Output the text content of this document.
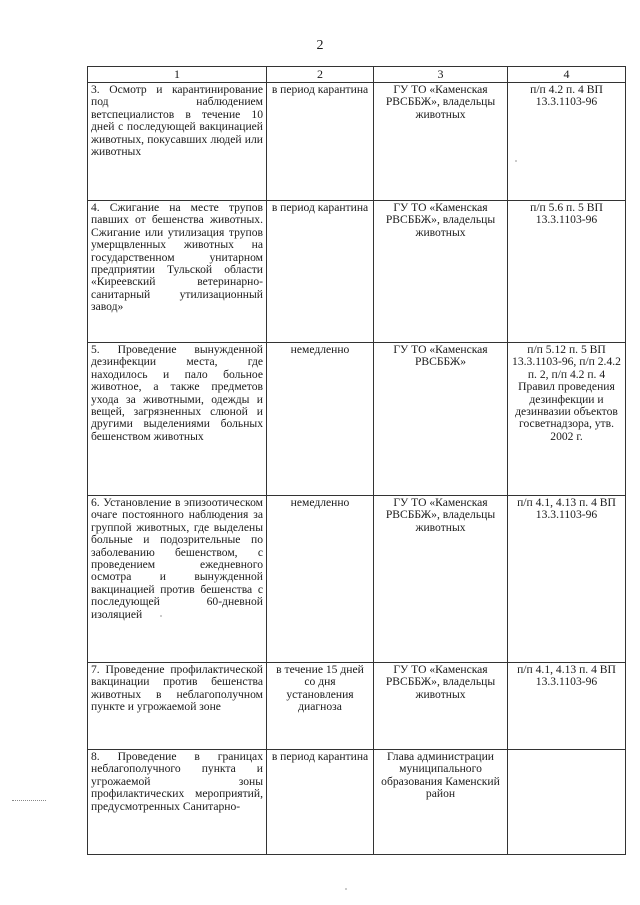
2
1	2	3	4
3. Осмотр и карантинирование под наблюдением ветспециалистов в течение 10 дней с последующей вакцинацией животных, покусавших людей или животных	в период карантина	ГУ ТО «Каменская РВСББЖ», владельцы животных	п/п 4.2 п. 4 ВП 13.3.1103-96
4. Сжигание на месте трупов павших от бешенства животных. Сжигание или утилизация трупов умерщвленных животных на государственном унитарном предприятии Тульской области «Киреевский ветеринарно-санитарный утилизационный завод»	в период карантина	ГУ ТО «Каменская РВСББЖ», владельцы животных	п/п 5.6 п. 5 ВП 13.3.1103-96
5. Проведение вынужденной дезинфекции места, где находилось и пало больное животное, а также предметов ухода за животными, одежды и вещей, загрязненных слюной и другими выделениями больных бешенством животных	немедленно	ГУ ТО «Каменская РВСББЖ»	п/п 5.12 п. 5 ВП 13.3.1103-96, п/п 2.4.2 п. 2, п/п 4.2 п. 4 Правил проведения дезинфекции и дезинвазии объектов госветнадзора, утв. 2002 г.
6. Установление в эпизоотическом очаге постоянного наблюдения за группой животных, где выделены больные и подозрительные по заболеванию бешенством, с проведением ежедневного осмотра и вынужденной вакцинацией против бешенства с последующей 60-дневной изоляцией	немедленно	ГУ ТО «Каменская РВСББЖ», владельцы животных	п/п 4.1, 4.13 п. 4 ВП 13.3.1103-96
7. Проведение профилактической вакцинации против бешенства животных в неблагополучном пункте и угрожаемой зоне	в течение 15 дней со дня установления диагноза	ГУ ТО «Каменская РВСББЖ», владельцы животных	п/п 4.1, 4.13 п. 4 ВП 13.3.1103-96
8. Проведение в границах неблагополучного пункта и угрожаемой зоны профилактических мероприятий, предусмотренных Санитарно-	в период карантина	Глава администрации муниципального образования Каменский район	
